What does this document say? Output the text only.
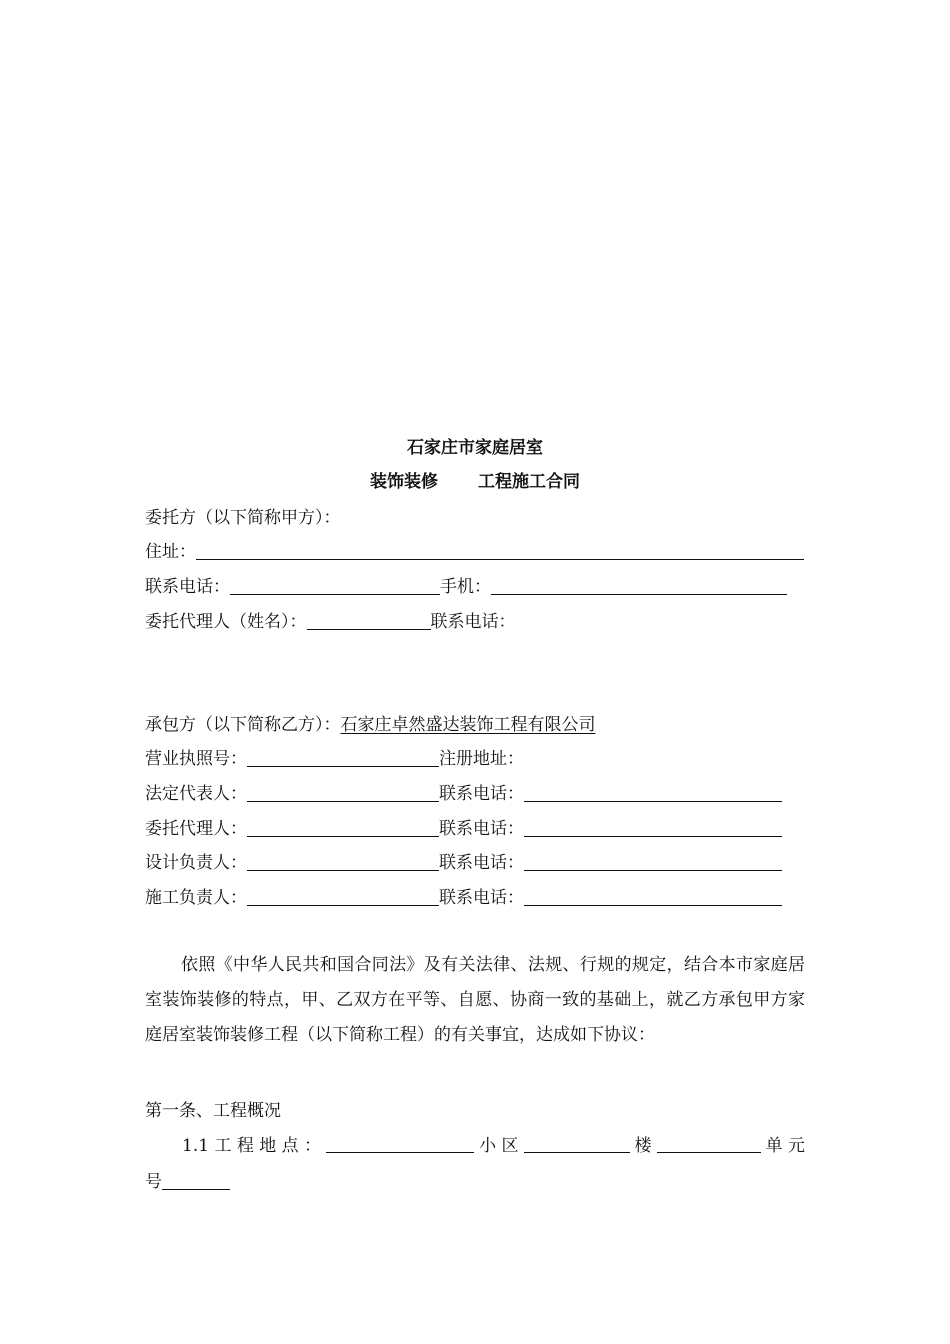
石家庄市家庭居室
装饰装修 工程施工合同
委托方（以下简称甲方）：
住址：
联系电话：	手机：
委托代理人（姓名）：	联系电话：
承包方（以下简称乙方）：石家庄卓然盛达装饰工程有限公司
营业执照号：	注册地址：
法定代表人：	联系电话：
委托代理人：	联系电话：
设计负责人：	联系电话：
施工负责人：	联系电话：
依照《中华人民共和国合同法》及有关法律、法规、行规的规定，结合本市家庭居室装饰装修的特点，甲、乙双方在平等、自愿、协商一致的基础上，就乙方承包甲方家庭居室装饰装修工程（以下简称工程）的有关事宜，达成如下协议：
第一条、工程概况
1.1 工 程 地 点 ：	小 区	楼	单 元
号
